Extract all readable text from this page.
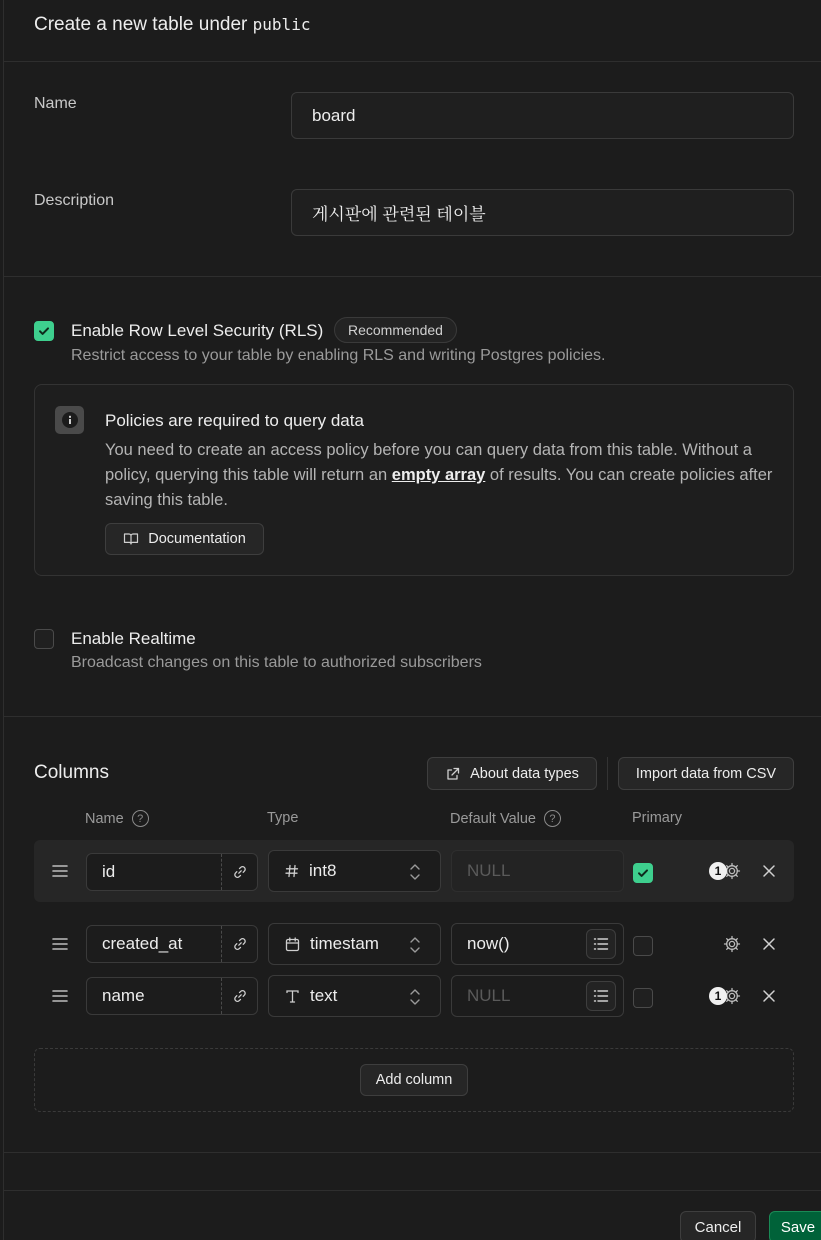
Create a new table under public
Name
board
Description
게시판에 관련된 테이블
Enable Row Level Security (RLS)	Recommended
Restrict access to your table by enabling RLS and writing Postgres policies.
Policies are required to query data
You need to create an access policy before you can query data from this table. Without a policy, querying this table will return an empty array of results. You can create policies after saving this table.
Documentation
Enable Realtime
Broadcast changes on this table to authorized subscribers
Columns	About data types	Import data from CSV
Name	?	Type	Default Value	?	Primary
id	int8	NULL	1
created_at	timestam	now()
name	text	NULL	1
Add column
Cancel	Save
